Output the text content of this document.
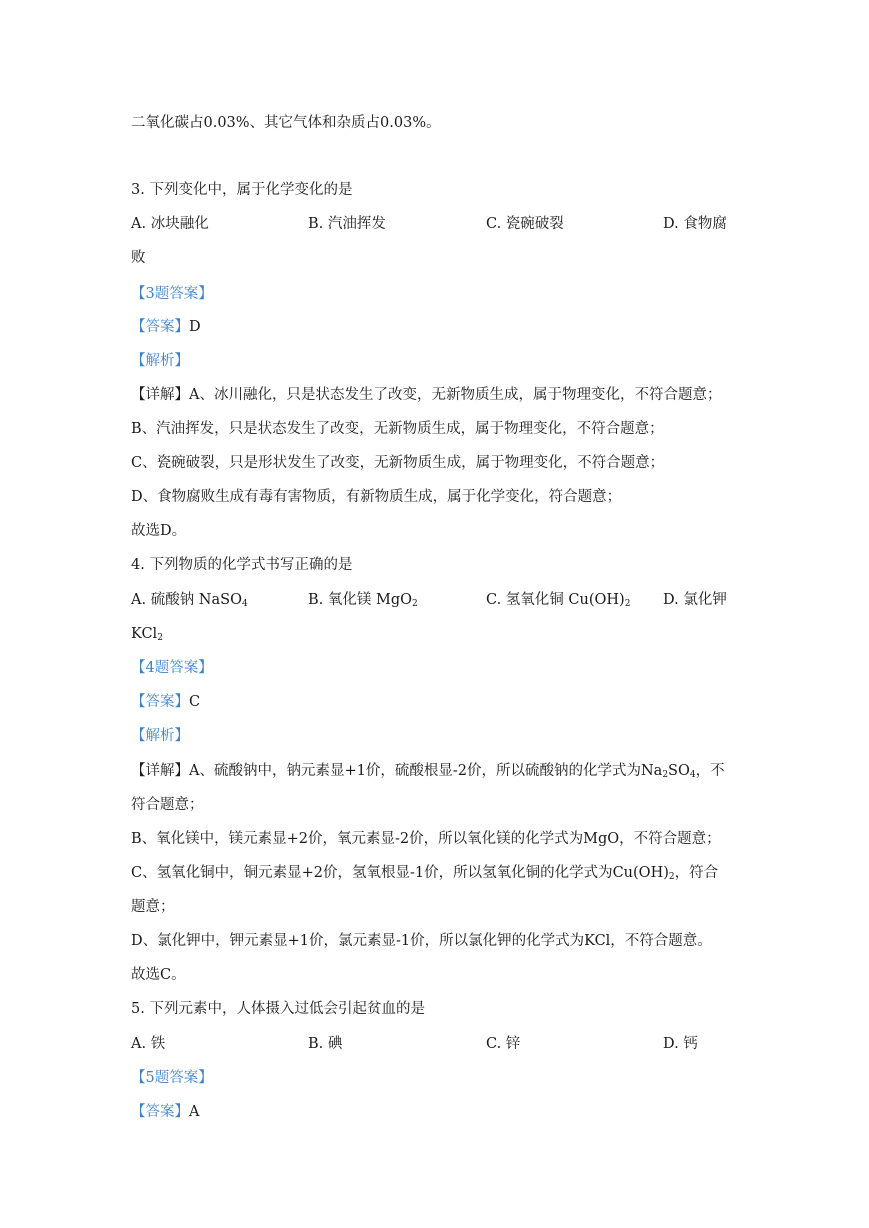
二氧化碳占0.03%、其它气体和杂质占0.03%。
3. 下列变化中，属于化学变化的是
A. 冰块融化	B. 汽油挥发	C. 瓷碗破裂	D. 食物腐
败
【3题答案】
【答案】D
【解析】
【详解】A、冰川融化，只是状态发生了改变，无新物质生成，属于物理变化，不符合题意；
B、汽油挥发，只是状态发生了改变，无新物质生成，属于物理变化，不符合题意；
C、瓷碗破裂，只是形状发生了改变，无新物质生成，属于物理变化，不符合题意；
D、食物腐败生成有毒有害物质，有新物质生成，属于化学变化，符合题意；
故选D。
4. 下列物质的化学式书写正确的是
A. 硫酸钠 NaSO$_4$	B. 氧化镁 MgO$_2$	C. 氢氧化铜 $Cu(OH)_2$ D. 氯化钾
KCl$_2$
【4题答案】
【答案】C
【解析】
【详解】A、硫酸钠中，钠元素显+1价，硫酸根显-2价，所以硫酸钠的化学式为$Na_2SO_4$，不
符合题意；
B、氧化镁中，镁元素显+2价，氧元素显-2价，所以氧化镁的化学式为MgO，不符合题意；
C、氢氧化铜中，铜元素显+2价，氢氧根显-1价，所以氢氧化铜的化学式为$Cu(OH)_2$，符合
题意；
D、氯化钾中，钾元素显+1价，氯元素显-1价，所以氯化钾的化学式为KCl，不符合题意。
故选C。
5. 下列元素中，人体摄入过低会引起贫血的是
A. 铁	B. 碘	C. 锌	D. 钙
【5题答案】
【答案】A
